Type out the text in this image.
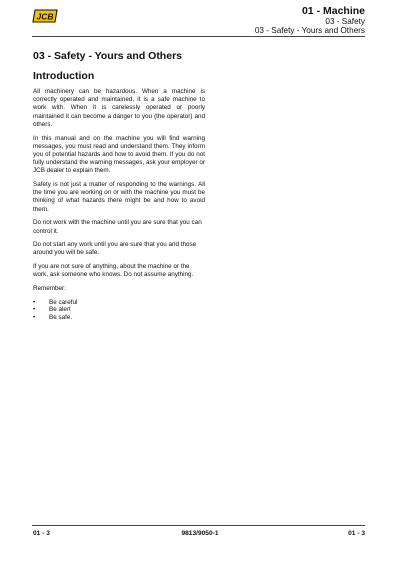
JCB	01 - Machine
03 - Safety
03 - Safety - Yours and Others
03 - Safety - Yours and Others
Introduction

All machinery can be hazardous. When a machine is correctly operated and maintained, it is a safe machine to work with. When it is carelessly operated or poorly maintained it can become a danger to you (the operator) and others.

In this manual and on the machine you will find warning messages, you must read and understand them. They inform you of potential hazards and how to avoid them. If you do not fully understand the warning messages, ask your employer or JCB dealer to explain them.

Safety is not just a matter of responding to the warnings. All the time you are working on or with the machine you must be thinking of what hazards there might be and how to avoid them.

Do not work with the machine until you are sure that you can control it.

Do not start any work until you are sure that you and those around you will be safe.

If you are not sure of anything, about the machine or the work, ask someone who knows. Do not assume anything.

Remember:

• Be careful
• Be alert
• Be safe.
01 - 3	9813/9050-1	01 - 3
